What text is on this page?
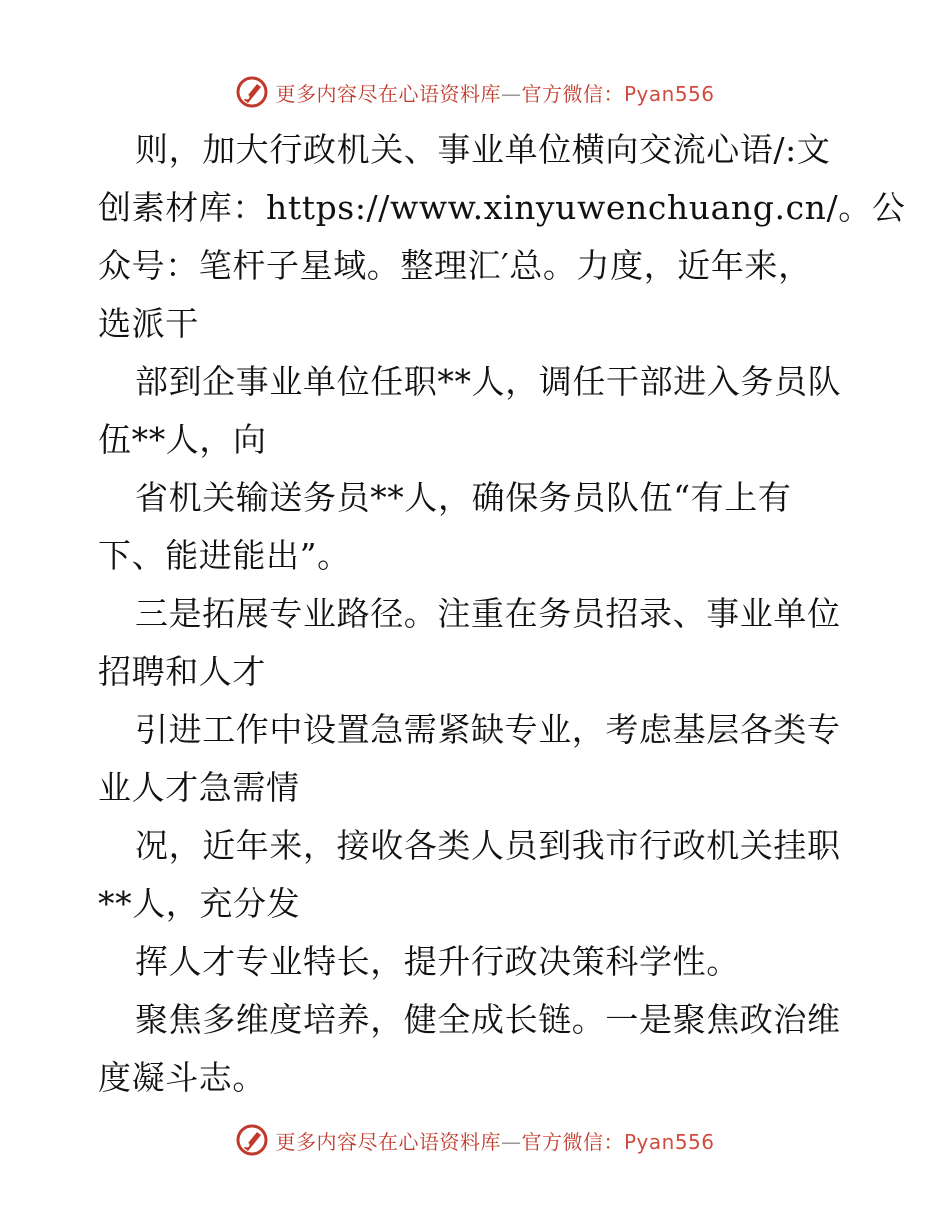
更多内容尽在心语资料库—官方微信：Pyan556
则，加大行政机关、事业单位横向交流心语/:文
创素材库：https://www.xinyuwenchuang.cn/。公
众号：笔杆子星域。整理汇′总。力度，近年来，
选派干
部到企事业单位任职**人，调任干部进入务员队
伍**人，向
省机关输送务员**人，确保务员队伍“有上有
下、能进能出”。
三是拓展专业路径。注重在务员招录、事业单位
招聘和人才
引进工作中设置急需紧缺专业，考虑基层各类专
业人才急需情
况，近年来，接收各类人员到我市行政机关挂职
**人，充分发
挥人才专业特长，提升行政决策科学性。
聚焦多维度培养，健全成长链。一是聚焦政治维
度凝斗志。
更多内容尽在心语资料库—官方微信：Pyan556
